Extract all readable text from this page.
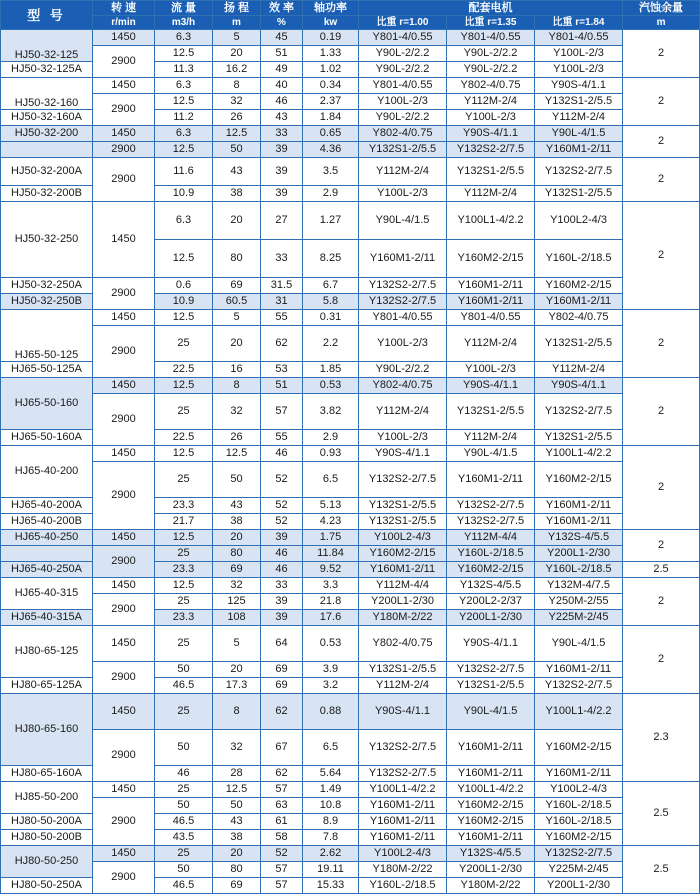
型 号	转 速	流 量	扬 程	效 率	轴功率	配套电机			汽蚀余量
	r/min	m3/h	m	%	kw	比重 r=1.00	比重 r=1.35	比重 r=1.84	m
HJ50-32-125	1450	6.3	5	45	0.19	Y801-4/0.55	Y801-4/0.55	Y801-4/0.55	2
	2900	12.5	20	51	1.33	Y90L-2/2.2	Y90L-2/2.2	Y100L-2/3	
HJ50-32-125A		11.3	16.2	49	1.02	Y90L-2/2.2	Y90L-2/2.2	Y100L-2/3	
HJ50-32-160	1450	6.3	8	40	0.34	Y801-4/0.55	Y802-4/0.75	Y90S-4/1.1	2
	2900	12.5	32	46	2.37	Y100L-2/3	Y112M-2/4	Y132S1-2/5.5	
HJ50-32-160A		11.2	26	43	1.84	Y90L-2/2.2	Y100L-2/3	Y112M-2/4	
HJ50-32-200	1450	6.3	12.5	33	0.65	Y802-4/0.75	Y90S-4/1.1	Y90L-4/1.5	2
	2900	12.5	50	39	4.36	Y132S1-2/5.5	Y132S2-2/7.5	Y160M1-2/11	
HJ50-32-200A	2900	11.6	43	39	3.5	Y112M-2/4	Y132S1-2/5.5	Y132S2-2/7.5	2
HJ50-32-200B		10.9	38	39	2.9	Y100L-2/3	Y112M-2/4	Y132S1-2/5.5	
HJ50-32-250	1450	6.3	20	27	1.27	Y90L-4/1.5	Y100L1-4/2.2	Y100L2-4/3	2
		12.5	80	33	8.25	Y160M1-2/11	Y160M2-2/15	Y160L-2/18.5	
HJ50-32-250A	2900	0.6	69	31.5	6.7	Y132S2-2/7.5	Y160M1-2/11	Y160M2-2/15	
HJ50-32-250B		10.9	60.5	31	5.8	Y132S2-2/7.5	Y160M1-2/11	Y160M1-2/11	
HJ65-50-125	1450	12.5	5	55	0.31	Y801-4/0.55	Y801-4/0.55	Y802-4/0.75	2
	2900	25	20	62	2.2	Y100L-2/3	Y112M-2/4	Y132S1-2/5.5	
HJ65-50-125A		22.5	16	53	1.85	Y90L-2/2.2	Y100L-2/3	Y112M-2/4	
HJ65-50-160	1450	12.5	8	51	0.53	Y802-4/0.75	Y90S-4/1.1	Y90S-4/1.1	2
	2900	25	32	57	3.82	Y112M-2/4	Y132S1-2/5.5	Y132S2-2/7.5	
HJ65-50-160A		22.5	26	55	2.9	Y100L-2/3	Y112M-2/4	Y132S1-2/5.5	
HJ65-40-200	1450	12.5	12.5	46	0.93	Y90S-4/1.1	Y90L-4/1.5	Y100L1-4/2.2	2
	2900	25	50	52	6.5	Y132S2-2/7.5	Y160M1-2/11	Y160M2-2/15	
HJ65-40-200A		23.3	43	52	5.13	Y132S1-2/5.5	Y132S2-2/7.5	Y160M1-2/11	
HJ65-40-200B		21.7	38	52	4.23	Y132S1-2/5.5	Y132S2-2/7.5	Y160M1-2/11	
HJ65-40-250	1450	12.5	20	39	1.75	Y100L2-4/3	Y112M-4/4	Y132S-4/5.5	2
	2900	25	80	46	11.84	Y160M2-2/15	Y160L-2/18.5	Y200L1-2/30	
HJ65-40-250A		23.3	69	46	9.52	Y160M1-2/11	Y160M2-2/15	Y160L-2/18.5	2.5
HJ65-40-315	1450	12.5	32	33	3.3	Y112M-4/4	Y132S-4/5.5	Y132M-4/7.5	2
	2900	25	125	39	21.8	Y200L1-2/30	Y200L2-2/37	Y250M-2/55	
HJ65-40-315A		23.3	108	39	17.6	Y180M-2/22	Y200L1-2/30	Y225M-2/45	
HJ80-65-125	1450	25	5	64	0.53	Y802-4/0.75	Y90S-4/1.1	Y90L-4/1.5	2
	2900	50	20	69	3.9	Y132S1-2/5.5	Y132S2-2/7.5	Y160M1-2/11	
HJ80-65-125A		46.5	17.3	69	3.2	Y112M-2/4	Y132S1-2/5.5	Y132S2-2/7.5	
HJ80-65-160	1450	25	8	62	0.88	Y90S-4/1.1	Y90L-4/1.5	Y100L1-4/2.2	2.3
	2900	50	32	67	6.5	Y132S2-2/7.5	Y160M1-2/11	Y160M2-2/15	
HJ80-65-160A		46	28	62	5.64	Y132S2-2/7.5	Y160M1-2/11	Y160M1-2/11	
HJ85-50-200	1450	25	12.5	57	1.49	Y100L1-4/2.2	Y100L1-4/2.2	Y100L2-4/3	2.5
	2900	50	50	63	10.8	Y160M1-2/11	Y160M2-2/15	Y160L-2/18.5	
HJ80-50-200A		46.5	43	61	8.9	Y160M1-2/11	Y160M2-2/15	Y160L-2/18.5	
HJ80-50-200B		43.5	38	58	7.8	Y160M1-2/11	Y160M1-2/11	Y160M2-2/15	
HJ80-50-250	1450	25	20	52	2.62	Y100L2-4/3	Y132S-4/5.5	Y132S2-2/7.5	2.5
	2900	50	80	57	19.11	Y180M-2/22	Y200L1-2/30	Y225M-2/45	
HJ80-50-250A		46.5	69	57	15.33	Y160L-2/18.5	Y180M-2/22	Y200L1-2/30	
